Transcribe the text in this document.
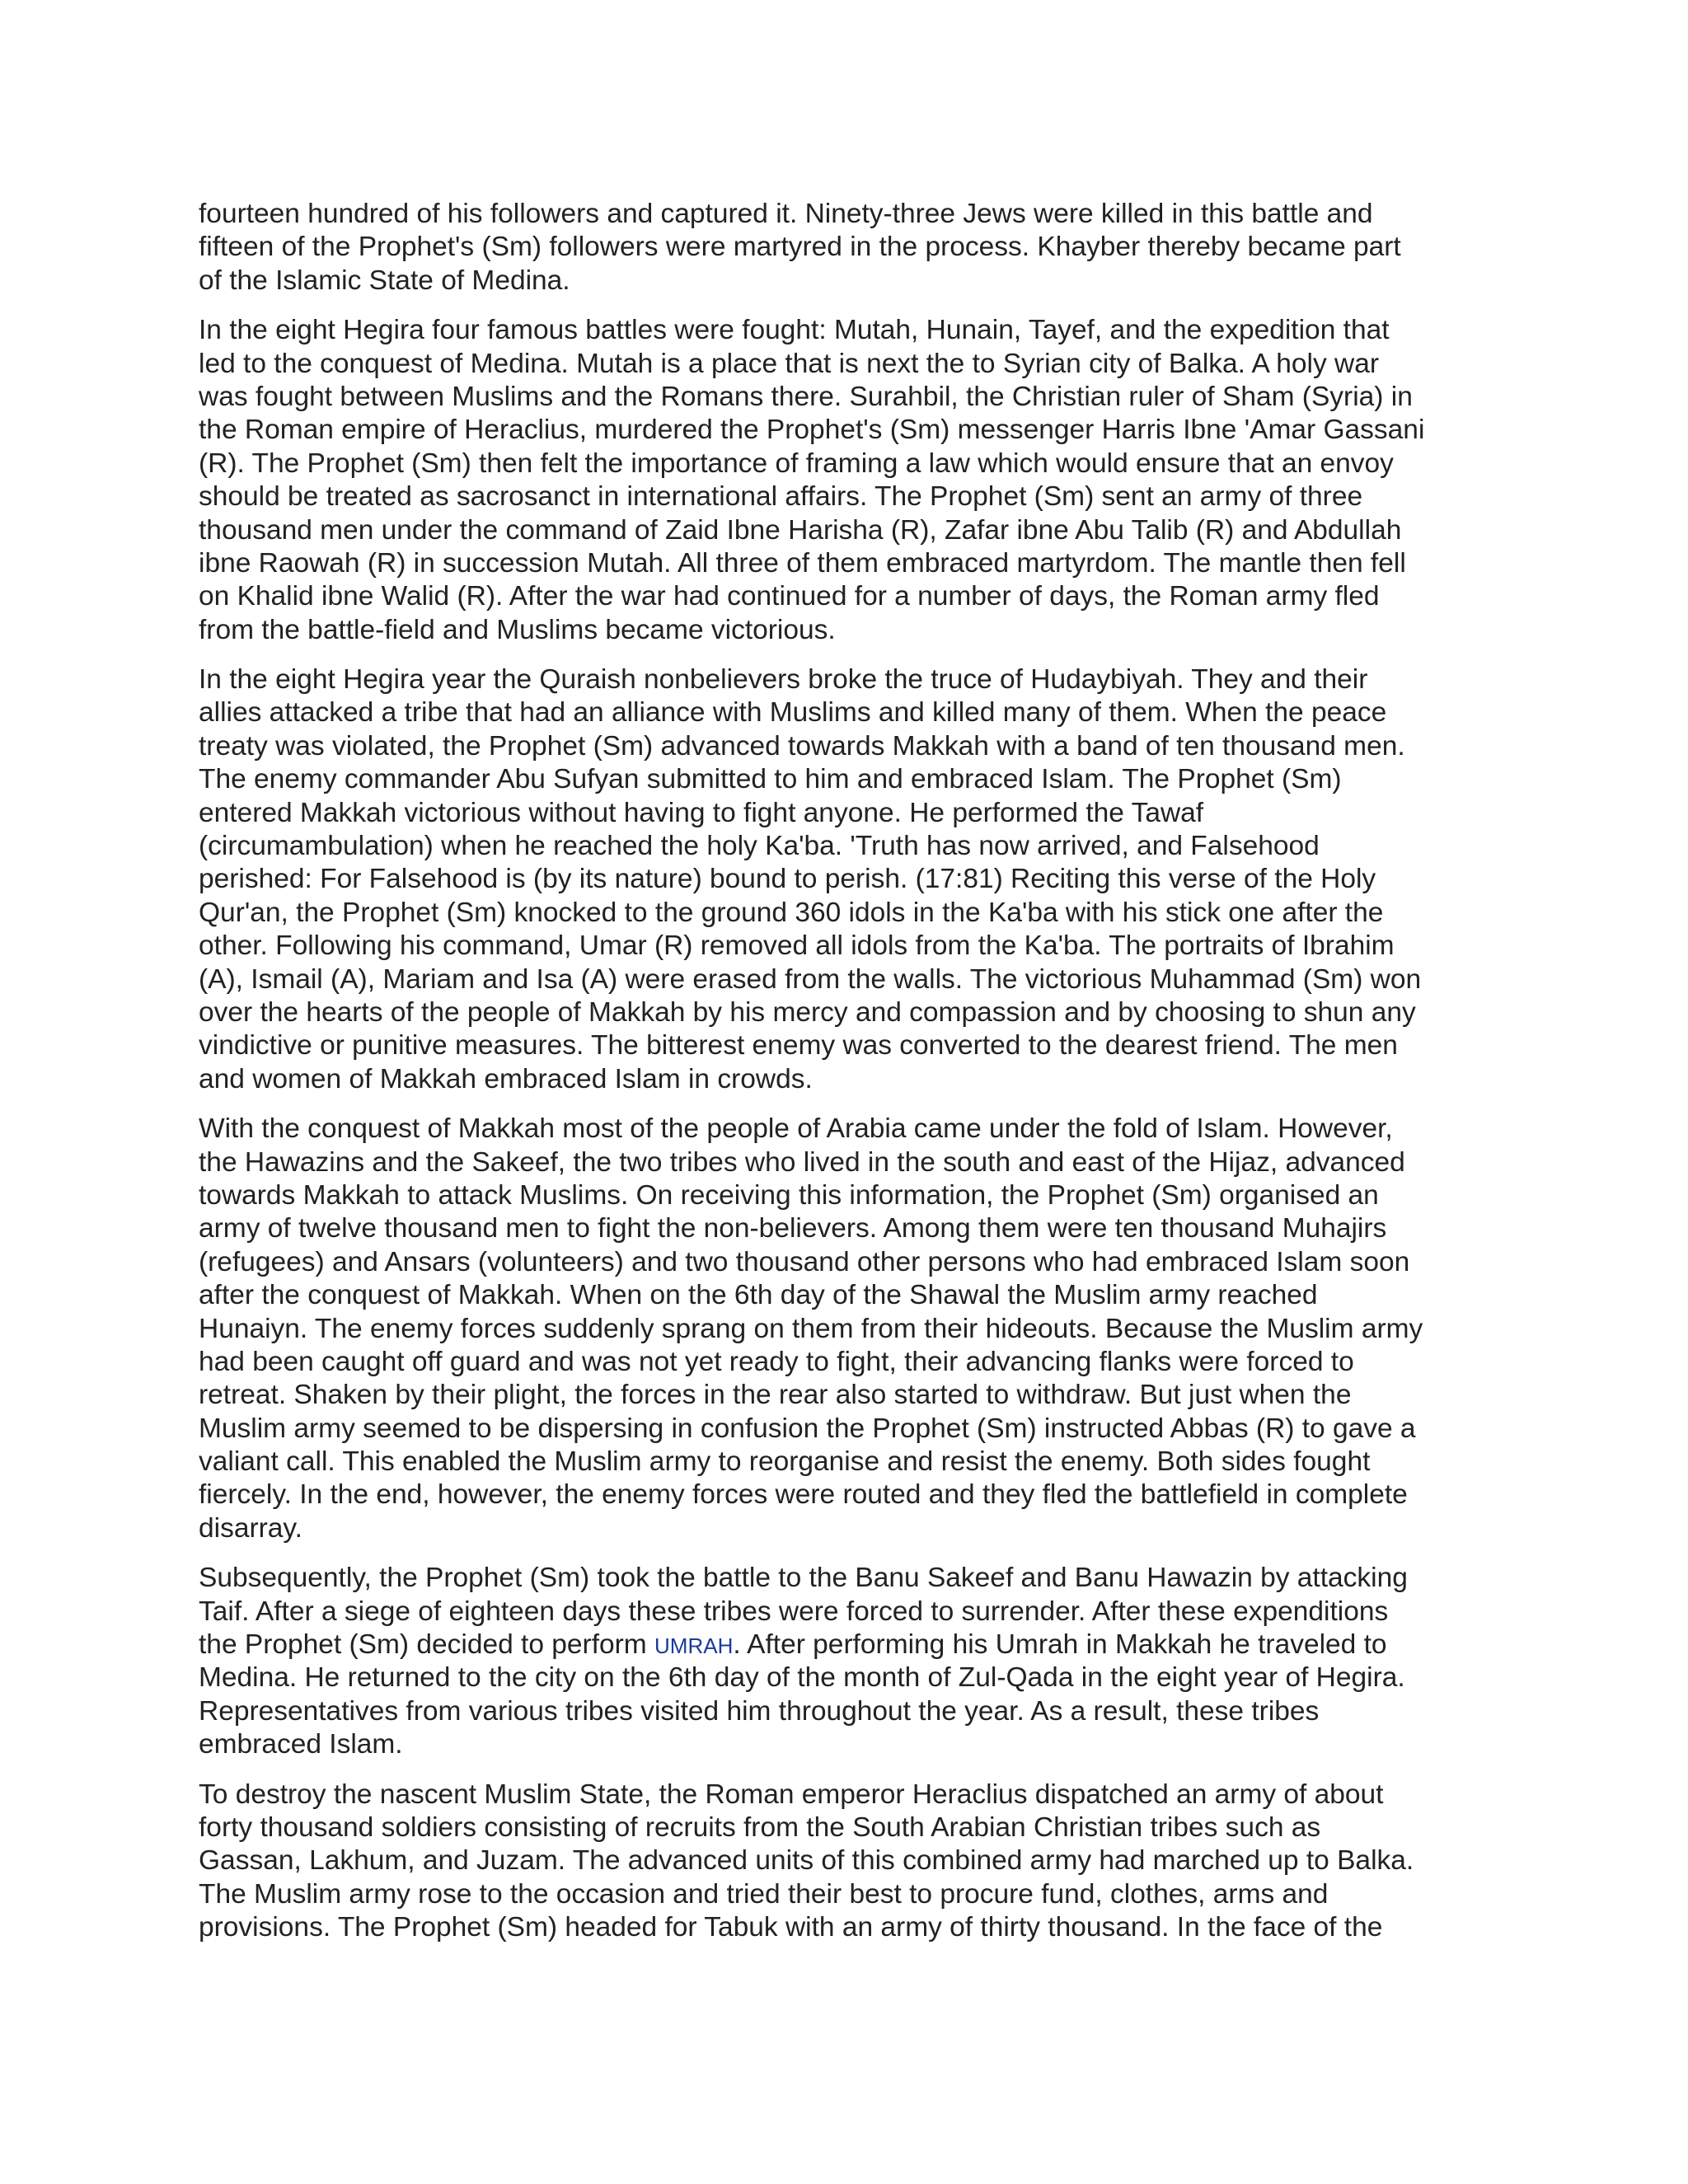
fourteen hundred of his followers and captured it. Ninety-three Jews were killed in this battle and
fifteen of the Prophet's (Sm) followers were martyred in the process. Khayber thereby became part
of the Islamic State of Medina.
In the eight Hegira four famous battles were fought: Mutah, Hunain, Tayef, and the expedition that
led to the conquest of Medina. Mutah is a place that is next the to Syrian city of Balka. A holy war
was fought between Muslims and the Romans there. Surahbil, the Christian ruler of Sham (Syria) in
the Roman empire of Heraclius, murdered the Prophet's (Sm) messenger Harris Ibne 'Amar Gassani
(R). The Prophet (Sm) then felt the importance of framing a law which would ensure that an envoy
should be treated as sacrosanct in international affairs. The Prophet (Sm) sent an army of three
thousand men under the command of Zaid Ibne Harisha (R), Zafar ibne Abu Talib (R) and Abdullah
ibne Raowah (R) in succession Mutah. All three of them embraced martyrdom. The mantle then fell
on Khalid ibne Walid (R). After the war had continued for a number of days, the Roman army fled
from the battle-field and Muslims became victorious.
In the eight Hegira year the Quraish nonbelievers broke the truce of Hudaybiyah. They and their
allies attacked a tribe that had an alliance with Muslims and killed many of them. When the peace
treaty was violated, the Prophet (Sm) advanced towards Makkah with a band of ten thousand men.
The enemy commander Abu Sufyan submitted to him and embraced Islam. The Prophet (Sm)
entered Makkah victorious without having to fight anyone. He performed the Tawaf
(circumambulation) when he reached the holy Ka'ba. 'Truth has now arrived, and Falsehood
perished: For Falsehood is (by its nature) bound to perish. (17:81) Reciting this verse of the Holy
Qur'an, the Prophet (Sm) knocked to the ground 360 idols in the Ka'ba with his stick one after the
other. Following his command, Umar (R) removed all idols from the Ka'ba. The portraits of Ibrahim
(A), Ismail (A), Mariam and Isa (A) were erased from the walls. The victorious Muhammad (Sm) won
over the hearts of the people of Makkah by his mercy and compassion and by choosing to shun any
vindictive or punitive measures. The bitterest enemy was converted to the dearest friend. The men
and women of Makkah embraced Islam in crowds.
With the conquest of Makkah most of the people of Arabia came under the fold of Islam. However,
the Hawazins and the Sakeef, the two tribes who lived in the south and east of the Hijaz, advanced
towards Makkah to attack Muslims. On receiving this information, the Prophet (Sm) organised an
army of twelve thousand men to fight the non-believers. Among them were ten thousand Muhajirs
(refugees) and Ansars (volunteers) and two thousand other persons who had embraced Islam soon
after the conquest of Makkah. When on the 6th day of the Shawal the Muslim army reached
Hunaiyn. The enemy forces suddenly sprang on them from their hideouts. Because the Muslim army
had been caught off guard and was not yet ready to fight, their advancing flanks were forced to
retreat. Shaken by their plight, the forces in the rear also started to withdraw. But just when the
Muslim army seemed to be dispersing in confusion the Prophet (Sm) instructed Abbas (R) to gave a
valiant call. This enabled the Muslim army to reorganise and resist the enemy. Both sides fought
fiercely. In the end, however, the enemy forces were routed and they fled the battlefield in complete
disarray.
Subsequently, the Prophet (Sm) took the battle to the Banu Sakeef and Banu Hawazin by attacking
Taif. After a siege of eighteen days these tribes were forced to surrender. After these expenditions
the Prophet (Sm) decided to perform UMRAH. After performing his Umrah in Makkah he traveled to
Medina. He returned to the city on the 6th day of the month of Zul-Qada in the eight year of Hegira.
Representatives from various tribes visited him throughout the year. As a result, these tribes
embraced Islam.
To destroy the nascent Muslim State, the Roman emperor Heraclius dispatched an army of about
forty thousand soldiers consisting of recruits from the South Arabian Christian tribes such as
Gassan, Lakhum, and Juzam. The advanced units of this combined army had marched up to Balka.
The Muslim army rose to the occasion and tried their best to procure fund, clothes, arms and
provisions. The Prophet (Sm) headed for Tabuk with an army of thirty thousand. In the face of the
